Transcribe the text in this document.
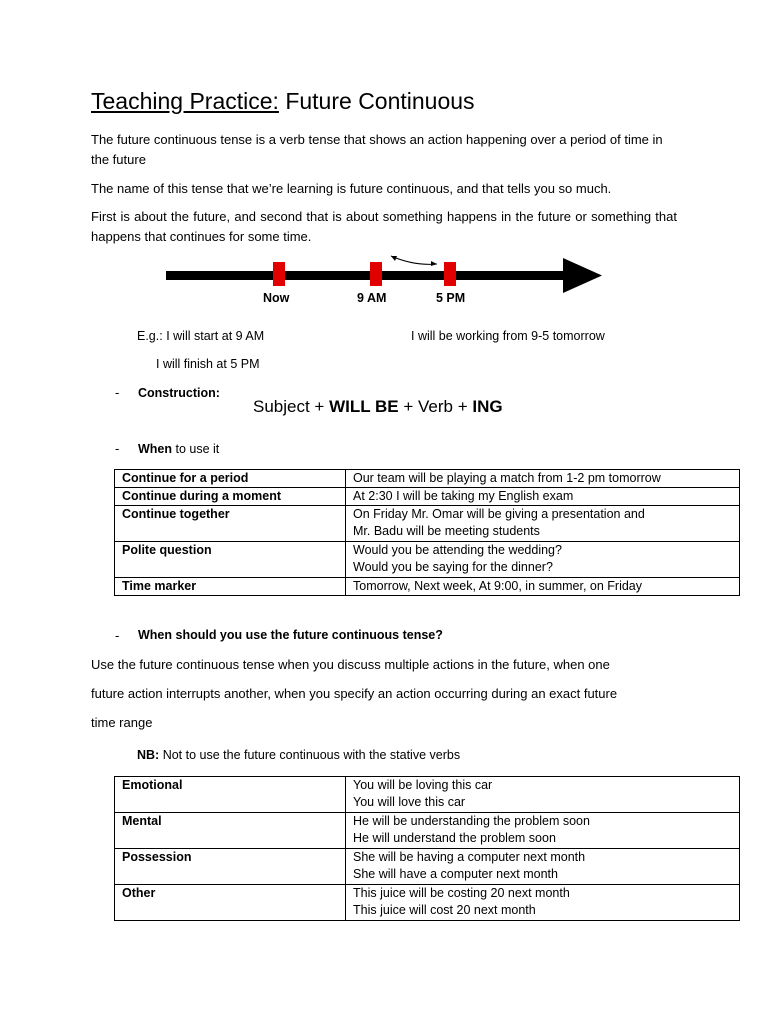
Teaching Practice: Future Continuous
The future continuous tense is a verb tense that shows an action happening over a period of time in the future
The name of this tense that we’re learning is future continuous, and that tells you so much.
First is about the future, and second that is about something happens in the future or something that happens that continues for some time.
Now	9 AM	5 PM
E.g.: I will start at 9 AM
I will finish at 5 PM
I will be working from 9-5 tomorrow
- Construction:
Subject + WILL BE + Verb + ING
- When to use it
Continue for a period	Our team will be playing a match from 1-2 pm tomorrow

Continue during a moment	At 2:30 I will be taking my English exam

Continue together	On Friday Mr. Omar will be giving a presentation and
Mr. Badu will be meeting students

Polite question	Would you be attending the wedding?
Would you be saying for the dinner?

Time marker	Tomorrow, Next week, At 9:00, in summer, on Friday
- When should you use the future continuous tense?
Use the future continuous tense when you discuss multiple actions in the future, when one
future action interrupts another, when you specify an action occurring during an exact future
time range
NB: Not to use the future continuous with the stative verbs
Emotional	You will be loving this car
You will love this car

Mental	He will be understanding the problem soon
He will understand the problem soon

Possession	She will be having a computer next month
She will have a computer next month

Other	This juice will be costing 20 next month
This juice will cost 20 next month
